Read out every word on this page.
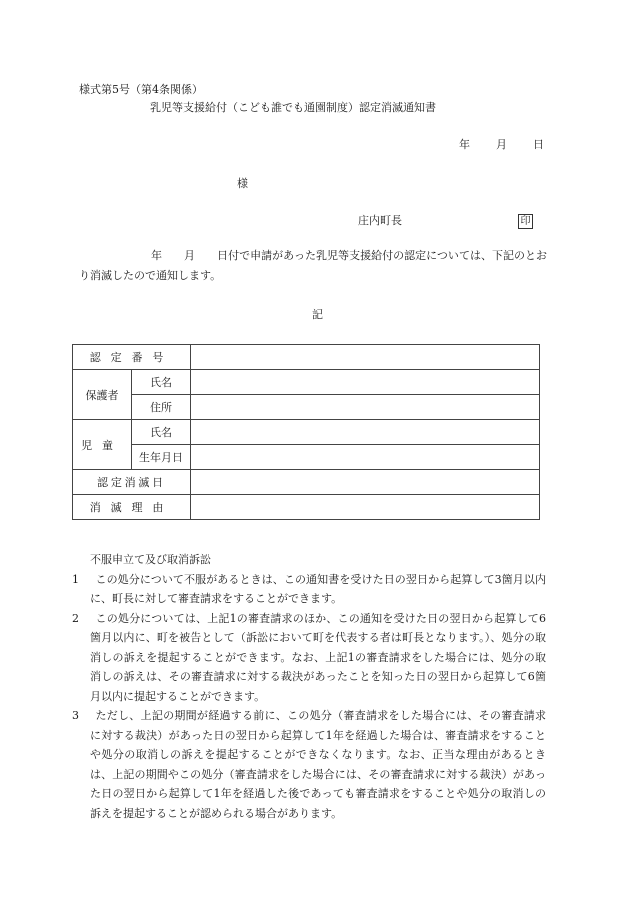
様式第5号（第4条関係）
乳児等支援給付（こども誰でも通園制度）認定消滅通知書
年 月 日
様
庄内町長	印
年 月 日付で申請があった乳児等支援給付の認定については、下記のとおり消滅したので通知します。
記
認定番号		
保護者	氏名	
	住所	
児童	氏名	
	生年月日	
認定消滅日		
消滅理由		
不服申立て及び取消訴訟
1	この処分について不服があるときは、この通知書を受けた日の翌日から起算して3箇月以内に、町長に対して審査請求をすることができます。
2	この処分については、上記1の審査請求のほか、この通知を受けた日の翌日から起算して6箇月以内に、町を被告として（訴訟において町を代表する者は町長となります。）、処分の取消しの訴えを提起することができます。なお、上記1の審査請求をした場合には、処分の取消しの訴えは、その審査請求に対する裁決があったことを知った日の翌日から起算して6箇月以内に提起することができます。
3	ただし、上記の期間が経過する前に、この処分（審査請求をした場合には、その審査請求に対する裁決）があった日の翌日から起算して1年を経過した場合は、審査請求をすることや処分の取消しの訴えを提起することができなくなります。なお、正当な理由があるときは、上記の期間やこの処分（審査請求をした場合には、その審査請求に対する裁決）があった日の翌日から起算して1年を経過した後であっても審査請求をすることや処分の取消しの訴えを提起することが認められる場合があります。
